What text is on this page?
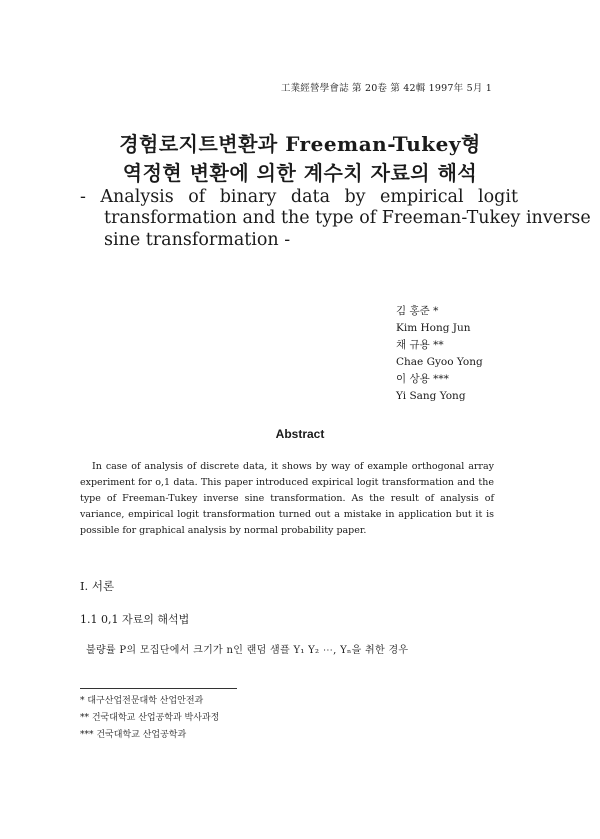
工業經營學會誌 第 20卷 第 42輯 1997年 5月 1
경험로지트변환과 Freeman-Tukey형
역정현 변환에 의한 계수치 자료의 해석
- Analysis of binary data by empirical logit
transformation and the type of Freeman-Tukey inverse
sine transformation -
김 홍준 *
Kim Hong Jun
채 규용 **
Chae Gyoo Yong
이 상용 ***
Yi Sang Yong
Abstract

In case of analysis of discrete data, it shows by way of example orthogonal array experiment for o,1 data. This paper introduced expirical logit transformation and the type of Freeman-Tukey inverse sine transformation. As the result of analysis of variance, empirical logit transformation turned out a mistake in application but it is possible for graphical analysis by normal probability paper.

Ⅰ. 서론
1.1 0,1 자료의 해석법
불량률 P의 모집단에서 크기가 n인 랜덤 샘플 Y₁ Y₂ ⋯, Yₙ을 취한 경우
* 대구산업전문대학 산업안전과
** 건국대학교 산업공학과 박사과정
*** 건국대학교 산업공학과
